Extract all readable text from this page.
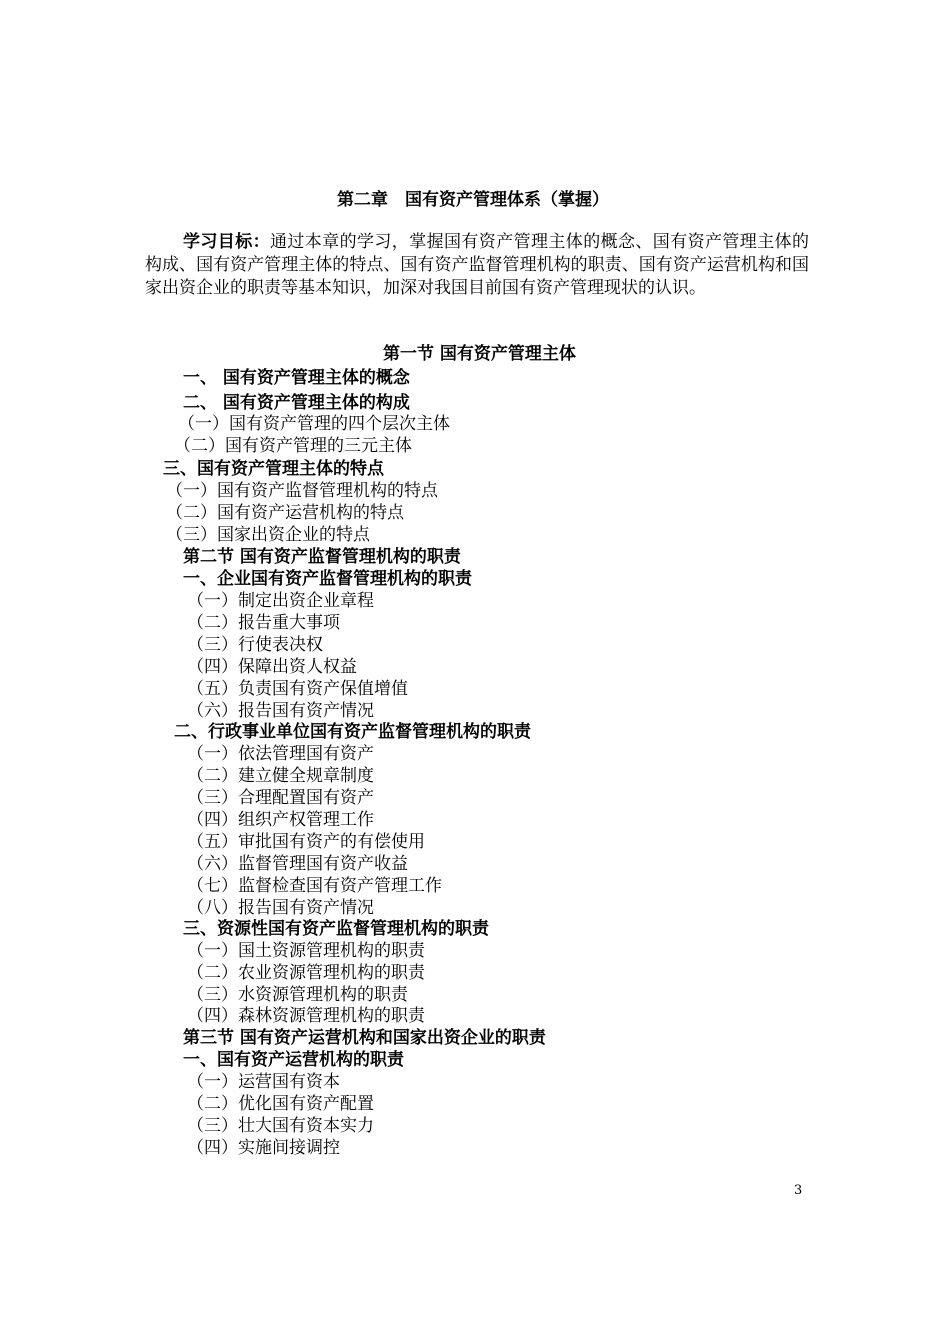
第二章　国有资产管理体系（掌握）

学习目标：通过本章的学习，掌握国有资产管理主体的概念、国有资产管理主体的构成、国有资产管理主体的特点、国有资产监督管理机构的职责、国有资产运营机构和国家出资企业的职责等基本知识，加深对我国目前国有资产管理现状的认识。

第一节 国有资产管理主体
一、 国有资产管理主体的概念
二、 国有资产管理主体的构成
（一）国有资产管理的四个层次主体
（二）国有资产管理的三元主体
三、国有资产管理主体的特点
（一）国有资产监督管理机构的特点
（二）国有资产运营机构的特点
（三）国家出资企业的特点
第二节 国有资产监督管理机构的职责
一、企业国有资产监督管理机构的职责
（一）制定出资企业章程
（二）报告重大事项
（三）行使表决权
（四）保障出资人权益
（五）负责国有资产保值增值
（六）报告国有资产情况
二、行政事业单位国有资产监督管理机构的职责
（一）依法管理国有资产
（二）建立健全规章制度
（三）合理配置国有资产
（四）组织产权管理工作
（五）审批国有资产的有偿使用
（六）监督管理国有资产收益
（七）监督检查国有资产管理工作
（八）报告国有资产情况
三、资源性国有资产监督管理机构的职责
（一）国土资源管理机构的职责
（二）农业资源管理机构的职责
（三）水资源管理机构的职责
（四）森林资源管理机构的职责
第三节 国有资产运营机构和国家出资企业的职责
一、国有资产运营机构的职责
（一）运营国有资本
（二）优化国有资产配置
（三）壮大国有资本实力
（四）实施间接调控
3
